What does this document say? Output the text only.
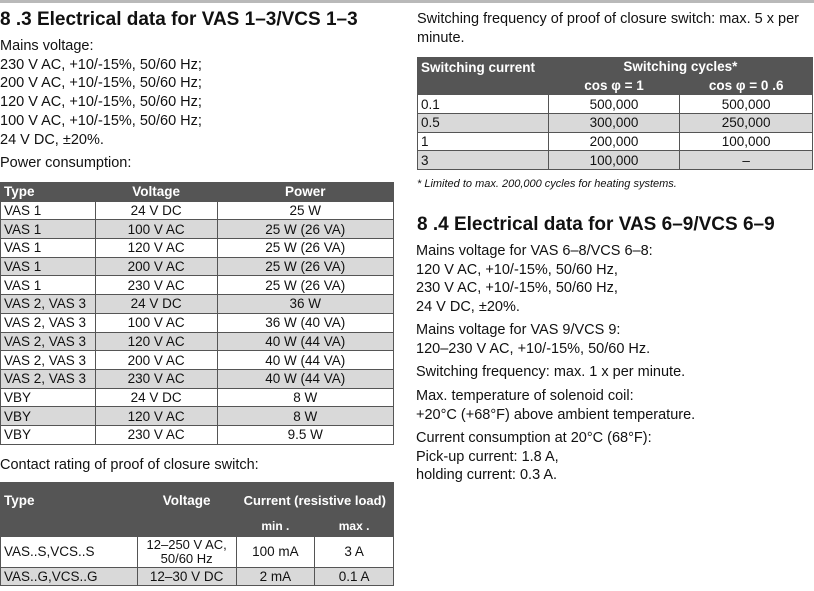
8 .3 Electrical data for VAS 1–3/VCS 1–3
Mains voltage:
230 V AC, +10/-15%, 50/60 Hz;
200 V AC, +10/-15%, 50/60 Hz;
120 V AC, +10/-15%, 50/60 Hz;
100 V AC, +10/-15%, 50/60 Hz;
24 V DC, ±20%.
Power consumption:
Type	Voltage	Power
VAS 1	24 V DC	25 W
VAS 1	100 V AC	25 W (26 VA)
VAS 1	120 V AC	25 W (26 VA)
VAS 1	200 V AC	25 W (26 VA)
VAS 1	230 V AC	25 W (26 VA)
VAS 2, VAS 3	24 V DC	36 W
VAS 2, VAS 3	100 V AC	36 W (40 VA)
VAS 2, VAS 3	120 V AC	40 W (44 VA)
VAS 2, VAS 3	200 V AC	40 W (44 VA)
VAS 2, VAS 3	230 V AC	40 W (44 VA)
VBY	24 V DC	8 W
VBY	120 V AC	8 W
VBY	230 V AC	9.5 W
Contact rating of proof of closure switch:
Type	Voltage	Current (resistive load)	
		min .	max .
VAS..S,VCS..S	12–250 V AC, 50/60 Hz	100 mA	3 A
VAS..G,VCS..G	12–30 V DC	2 mA	0.1 A
Switching frequency of proof of closure switch: max. 5 x per
minute.
Switching current	Switching cycles*	
	cos φ = 1	cos φ = 0 .6
0.1	500,000	500,000
0.5	300,000	250,000
1	200,000	100,000
3	100,000	–
* Limited to max. 200,000 cycles for heating systems.
8 .4 Electrical data for VAS 6–9/VCS 6–9
Mains voltage for VAS 6–8/VCS 6–8:
120 V AC, +10/-15%, 50/60 Hz,
230 V AC, +10/-15%, 50/60 Hz,
24 V DC, ±20%.
Mains voltage for VAS 9/VCS 9:
120–230 V AC, +10/-15%, 50/60 Hz.
Switching frequency: max. 1 x per minute.
Max. temperature of solenoid coil:
+20°C (+68°F) above ambient temperature.
Current consumption at 20°C (68°F):
Pick-up current: 1.8 A,
holding current: 0.3 A.
